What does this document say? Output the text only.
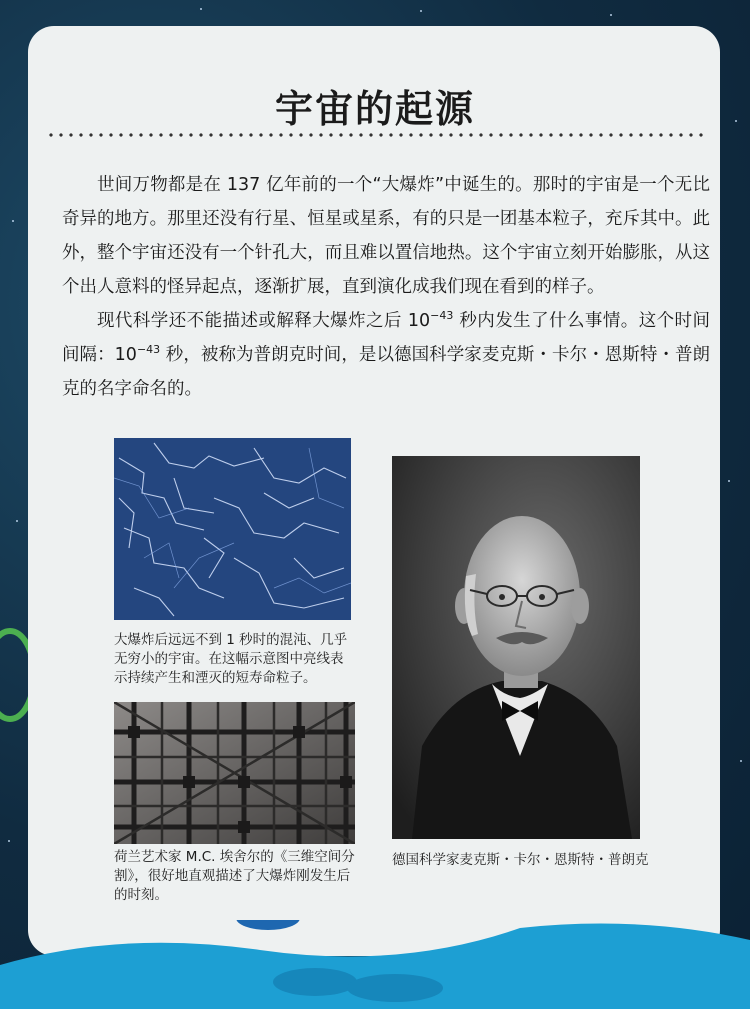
宇宙的起源

世间万物都是在 137 亿年前的一个“大爆炸”中诞生的。那时的宇宙是一个无比奇异的地方。那里还没有行星、恒星或星系，有的只是一团基本粒子，充斥其中。此外，整个宇宙还没有一个针孔大，而且难以置信地热。这个宇宙立刻开始膨胀，从这个出人意料的怪异起点，逐渐扩展，直到演化成我们现在看到的样子。

现代科学还不能描述或解释大爆炸之后 $10^{-43}$ 秒内发生了什么事情。这个时间间隔：$10^{-43}$ 秒，被称为普朗克时间，是以德国科学家麦克斯・卡尔・恩斯特・普朗克的名字命名的。

大爆炸后远远不到 1 秒时的混沌、几乎无穷小的宇宙。在这幅示意图中亮线表示持续产生和湮灭的短寿命粒子。
荷兰艺术家 M.C. 埃舍尔的《三维空间分割》，很好地直观描述了大爆炸刚发生后的时刻。
德国科学家麦克斯・卡尔・恩斯特・普朗克
